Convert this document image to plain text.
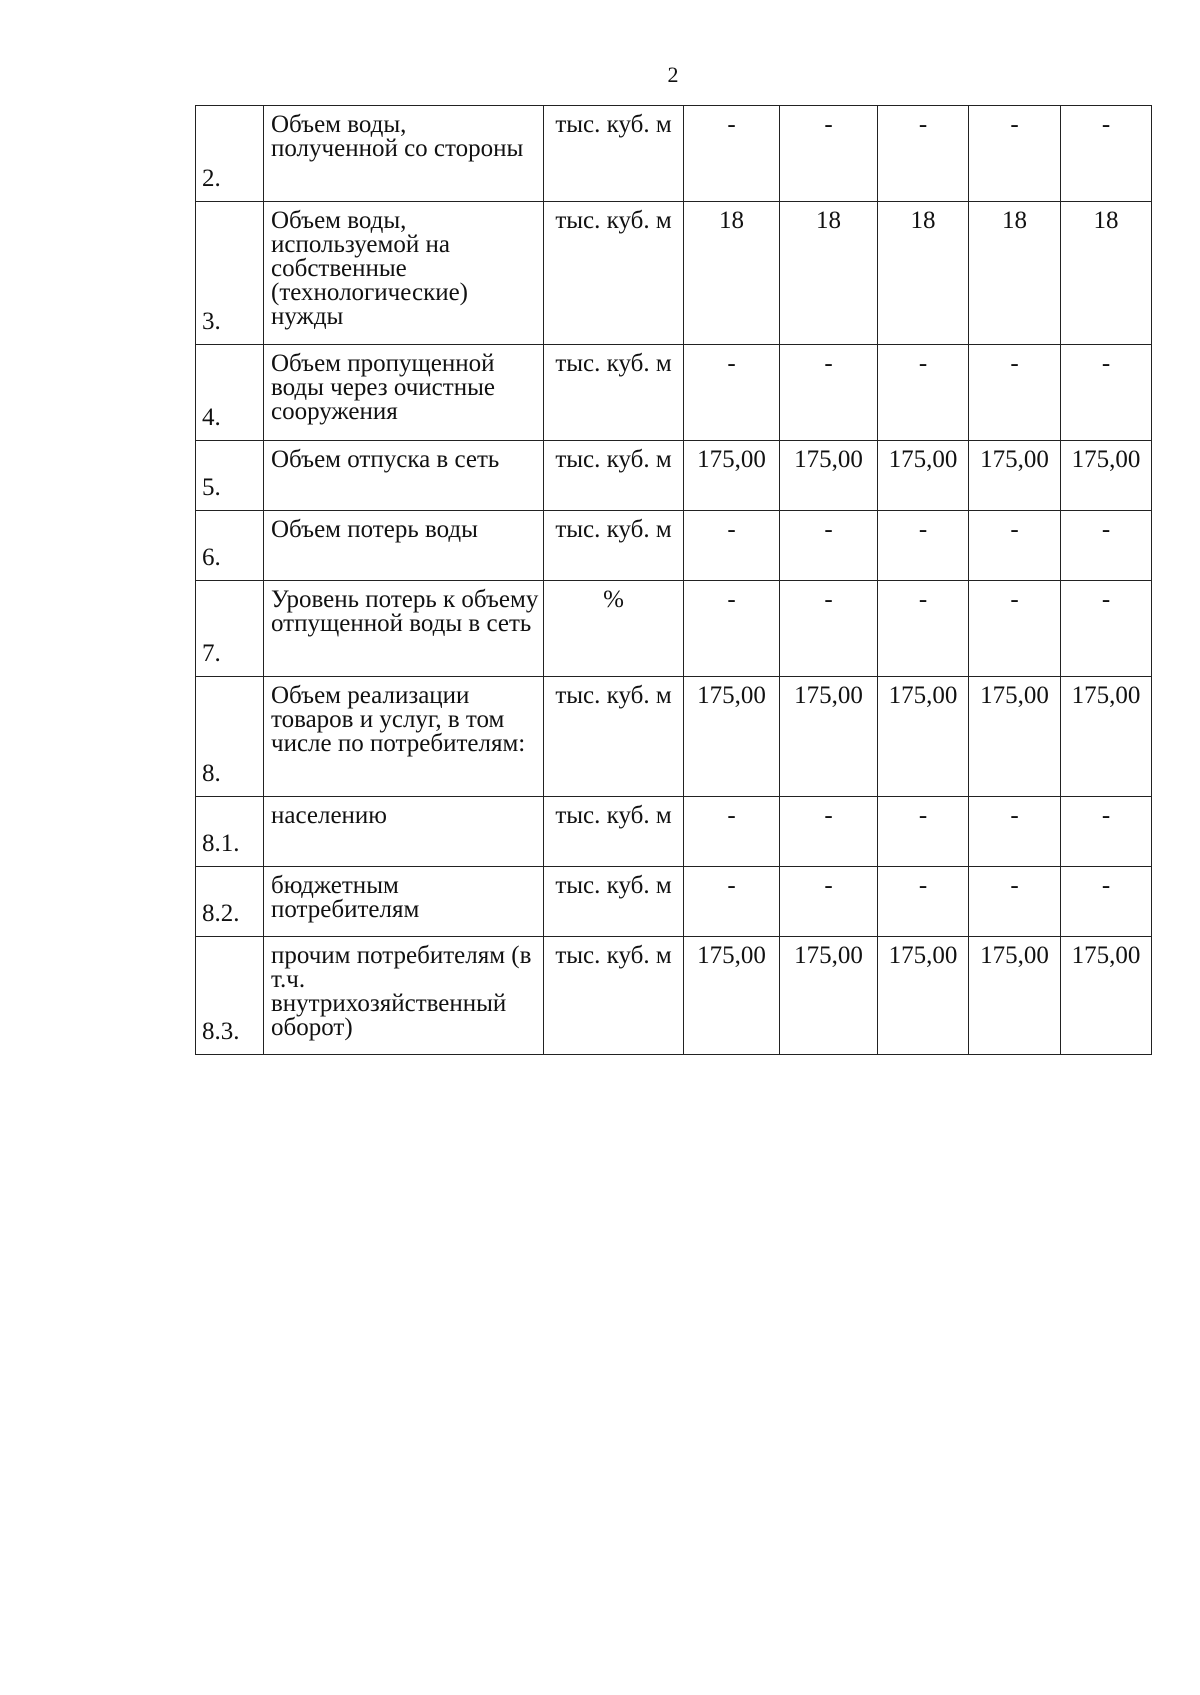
2
2.	Объем воды, полученной со стороны	тыс. куб. м	-	-	-	-	-

3.	Объем воды, используемой на собственные (технологические) нужды	тыс. куб. м	18	18	18	18	18

4.	Объем пропущенной воды через очистные сооружения	тыс. куб. м	-	-	-	-	-

5.	Объем отпуска в сеть	тыс. куб. м	175,00	175,00	175,00	175,00	175,00

6.	Объем потерь воды	тыс. куб. м	-	-	-	-	-

7.	Уровень потерь к объему отпущенной воды в сеть	%	-	-	-	-	-

8.	Объем реализации товаров и услуг, в том числе по потребителям:	тыс. куб. м	175,00	175,00	175,00	175,00	175,00

8.1.	населению	тыс. куб. м	-	-	-	-	-

8.2.	бюджетным потребителям	тыс. куб. м	-	-	-	-	-

8.3.	прочим потребителям (в т.ч. внутрихозяйственный оборот)	тыс. куб. м	175,00	175,00	175,00	175,00	175,00
